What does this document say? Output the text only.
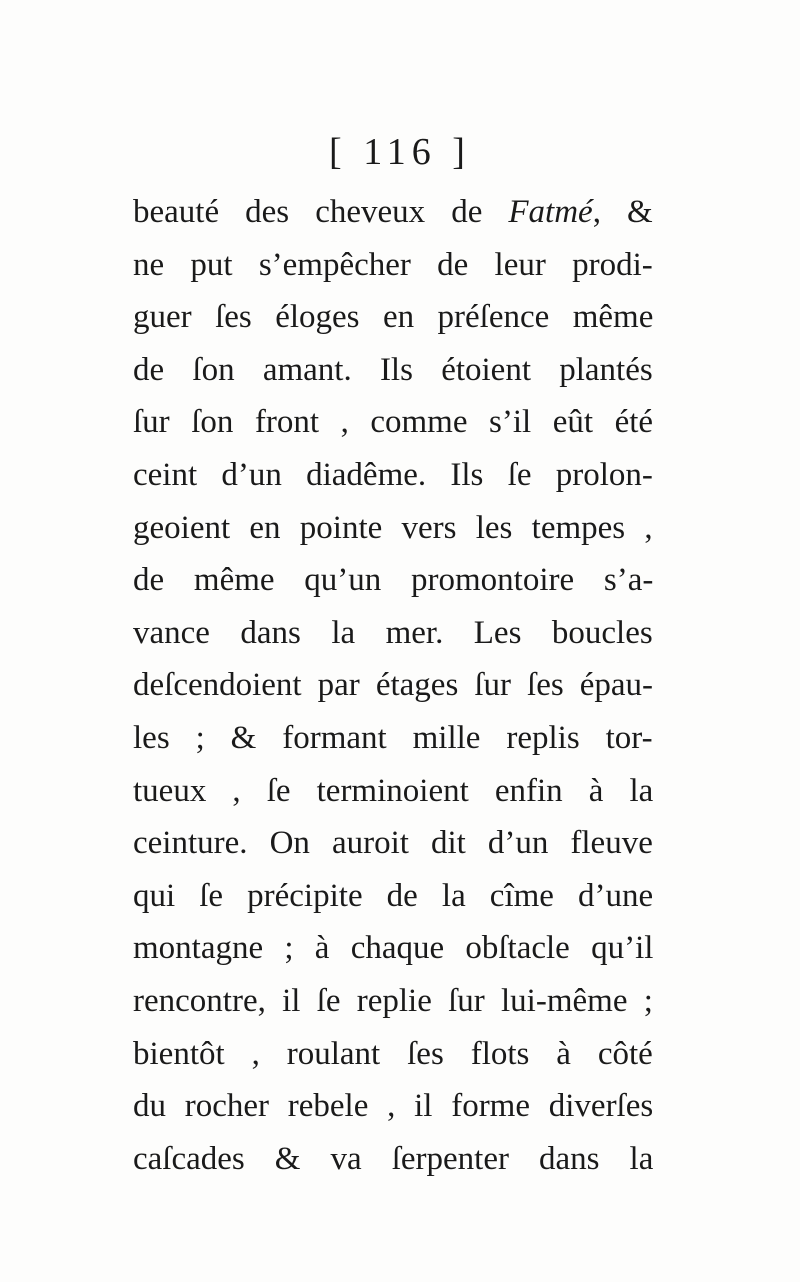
[ 116 ]
beauté des cheveux de Fatmé, &
ne put s’empêcher de leur prodi-
guer ſes éloges en préſence même
de ſon amant. Ils étoient plantés
ſur ſon front , comme s’il eût été
ceint d’un diadême. Ils ſe prolon-
geoient en pointe vers les tempes ,
de même qu’un promontoire s’a-
vance dans la mer. Les boucles
deſcendoient par étages ſur ſes épau-
les ; & formant mille replis tor-
tueux , ſe terminoient enfin à la
ceinture. On auroit dit d’un fleuve
qui ſe précipite de la cîme d’une
montagne ; à chaque obſtacle qu’il
rencontre, il ſe replie ſur lui-même ;
bientôt , roulant ſes flots à côté
du rocher rebele , il forme diverſes
caſcades & va ſerpenter dans la
